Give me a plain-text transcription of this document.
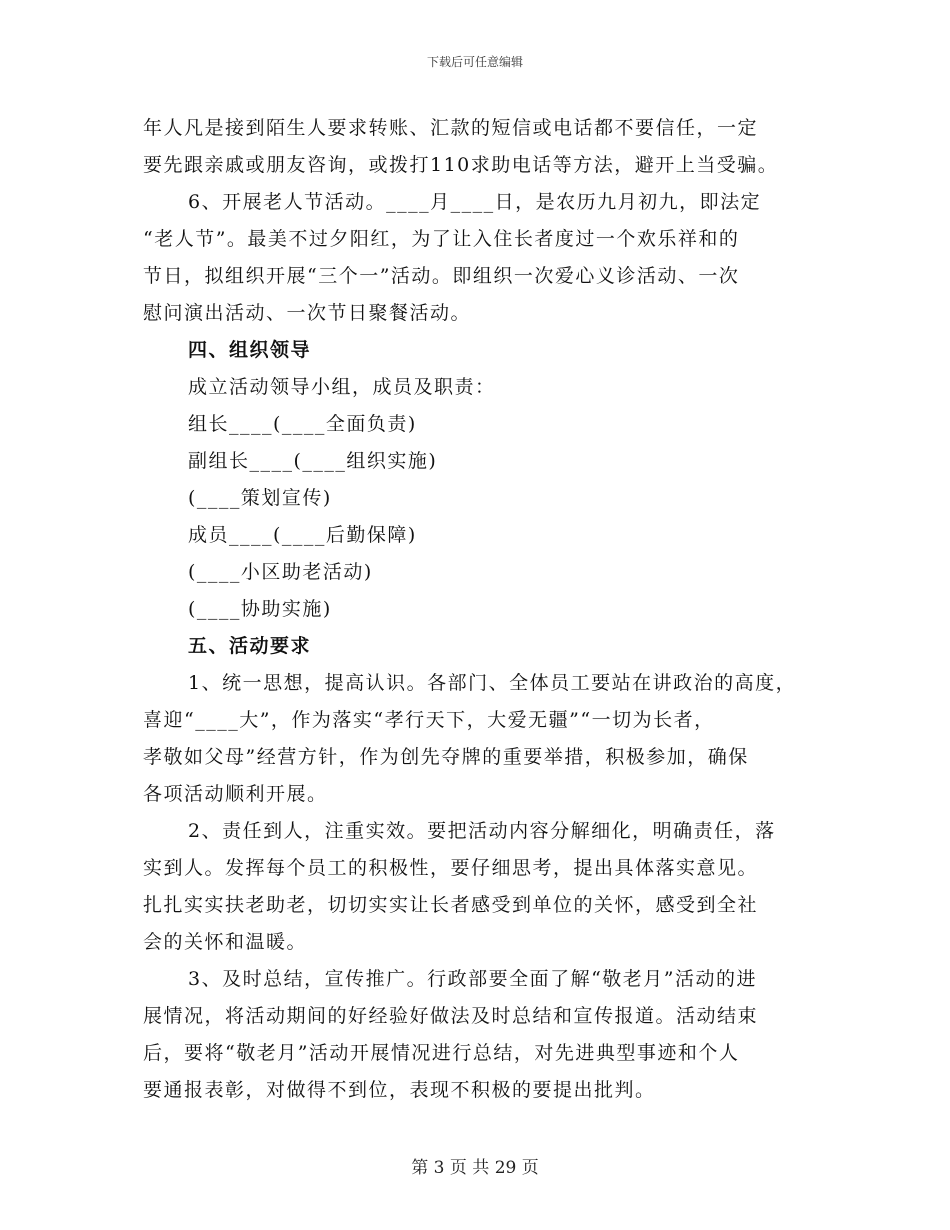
下载后可任意编辑
年人凡是接到陌生人要求转账、汇款的短信或电话都不要信任，一定
要先跟亲戚或朋友咨询，或拨打110求助电话等方法，避开上当受骗。
6、开展老人节活动。____月____日，是农历九月初九，即法定
“老人节”。最美不过夕阳红，为了让入住长者度过一个欢乐祥和的
节日，拟组织开展“三个一”活动。即组织一次爱心义诊活动、一次
慰问演出活动、一次节日聚餐活动。
四、组织领导
成立活动领导小组，成员及职责：
组长____(____全面负责)
副组长____(____组织实施)
(____策划宣传)
成员____(____后勤保障)
(____小区助老活动)
(____协助实施)
五、活动要求
1、统一思想，提高认识。各部门、全体员工要站在讲政治的高度，
喜迎“____大”，作为落实“孝行天下，大爱无疆”“一切为长者，
孝敬如父母”经营方针，作为创先夺牌的重要举措，积极参加，确保
各项活动顺利开展。
2、责任到人，注重实效。要把活动内容分解细化，明确责任，落
实到人。发挥每个员工的积极性，要仔细思考，提出具体落实意见。
扎扎实实扶老助老，切切实实让长者感受到单位的关怀，感受到全社
会的关怀和温暖。
3、及时总结，宣传推广。行政部要全面了解“敬老月”活动的进
展情况，将活动期间的好经验好做法及时总结和宣传报道。活动结束
后，要将“敬老月”活动开展情况进行总结，对先进典型事迹和个人
要通报表彰，对做得不到位，表现不积极的要提出批判。
第 3 页 共 29 页
